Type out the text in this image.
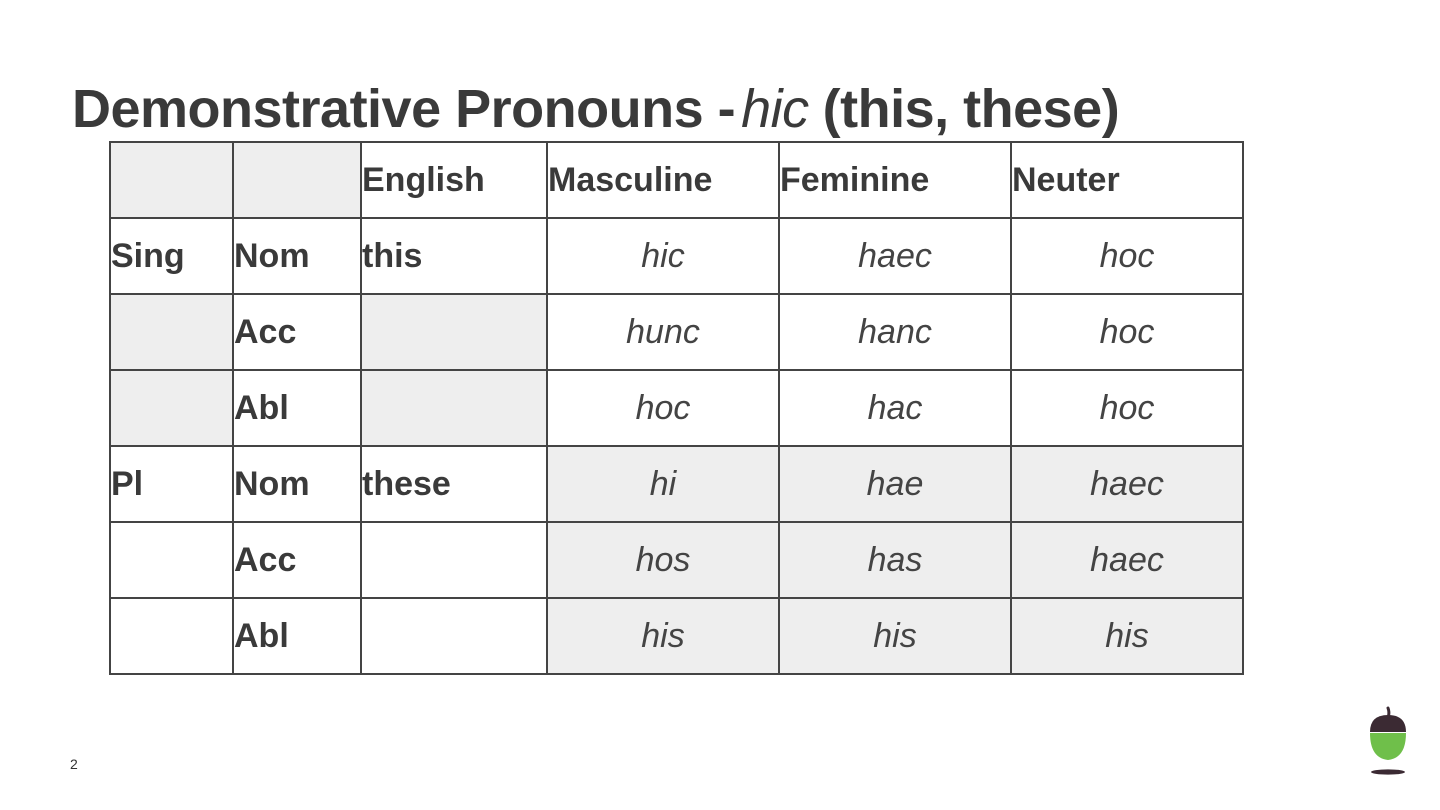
Demonstrative Pronouns - hic (this, these)
		English	Masculine	Feminine	Neuter
Sing	Nom	this	hic	haec	hoc
	Acc		hunc	hanc	hoc
	Abl		hoc	hac	hoc
Pl	Nom	these	hi	hae	haec
	Acc		hos	has	haec
	Abl		his	his	his
2
